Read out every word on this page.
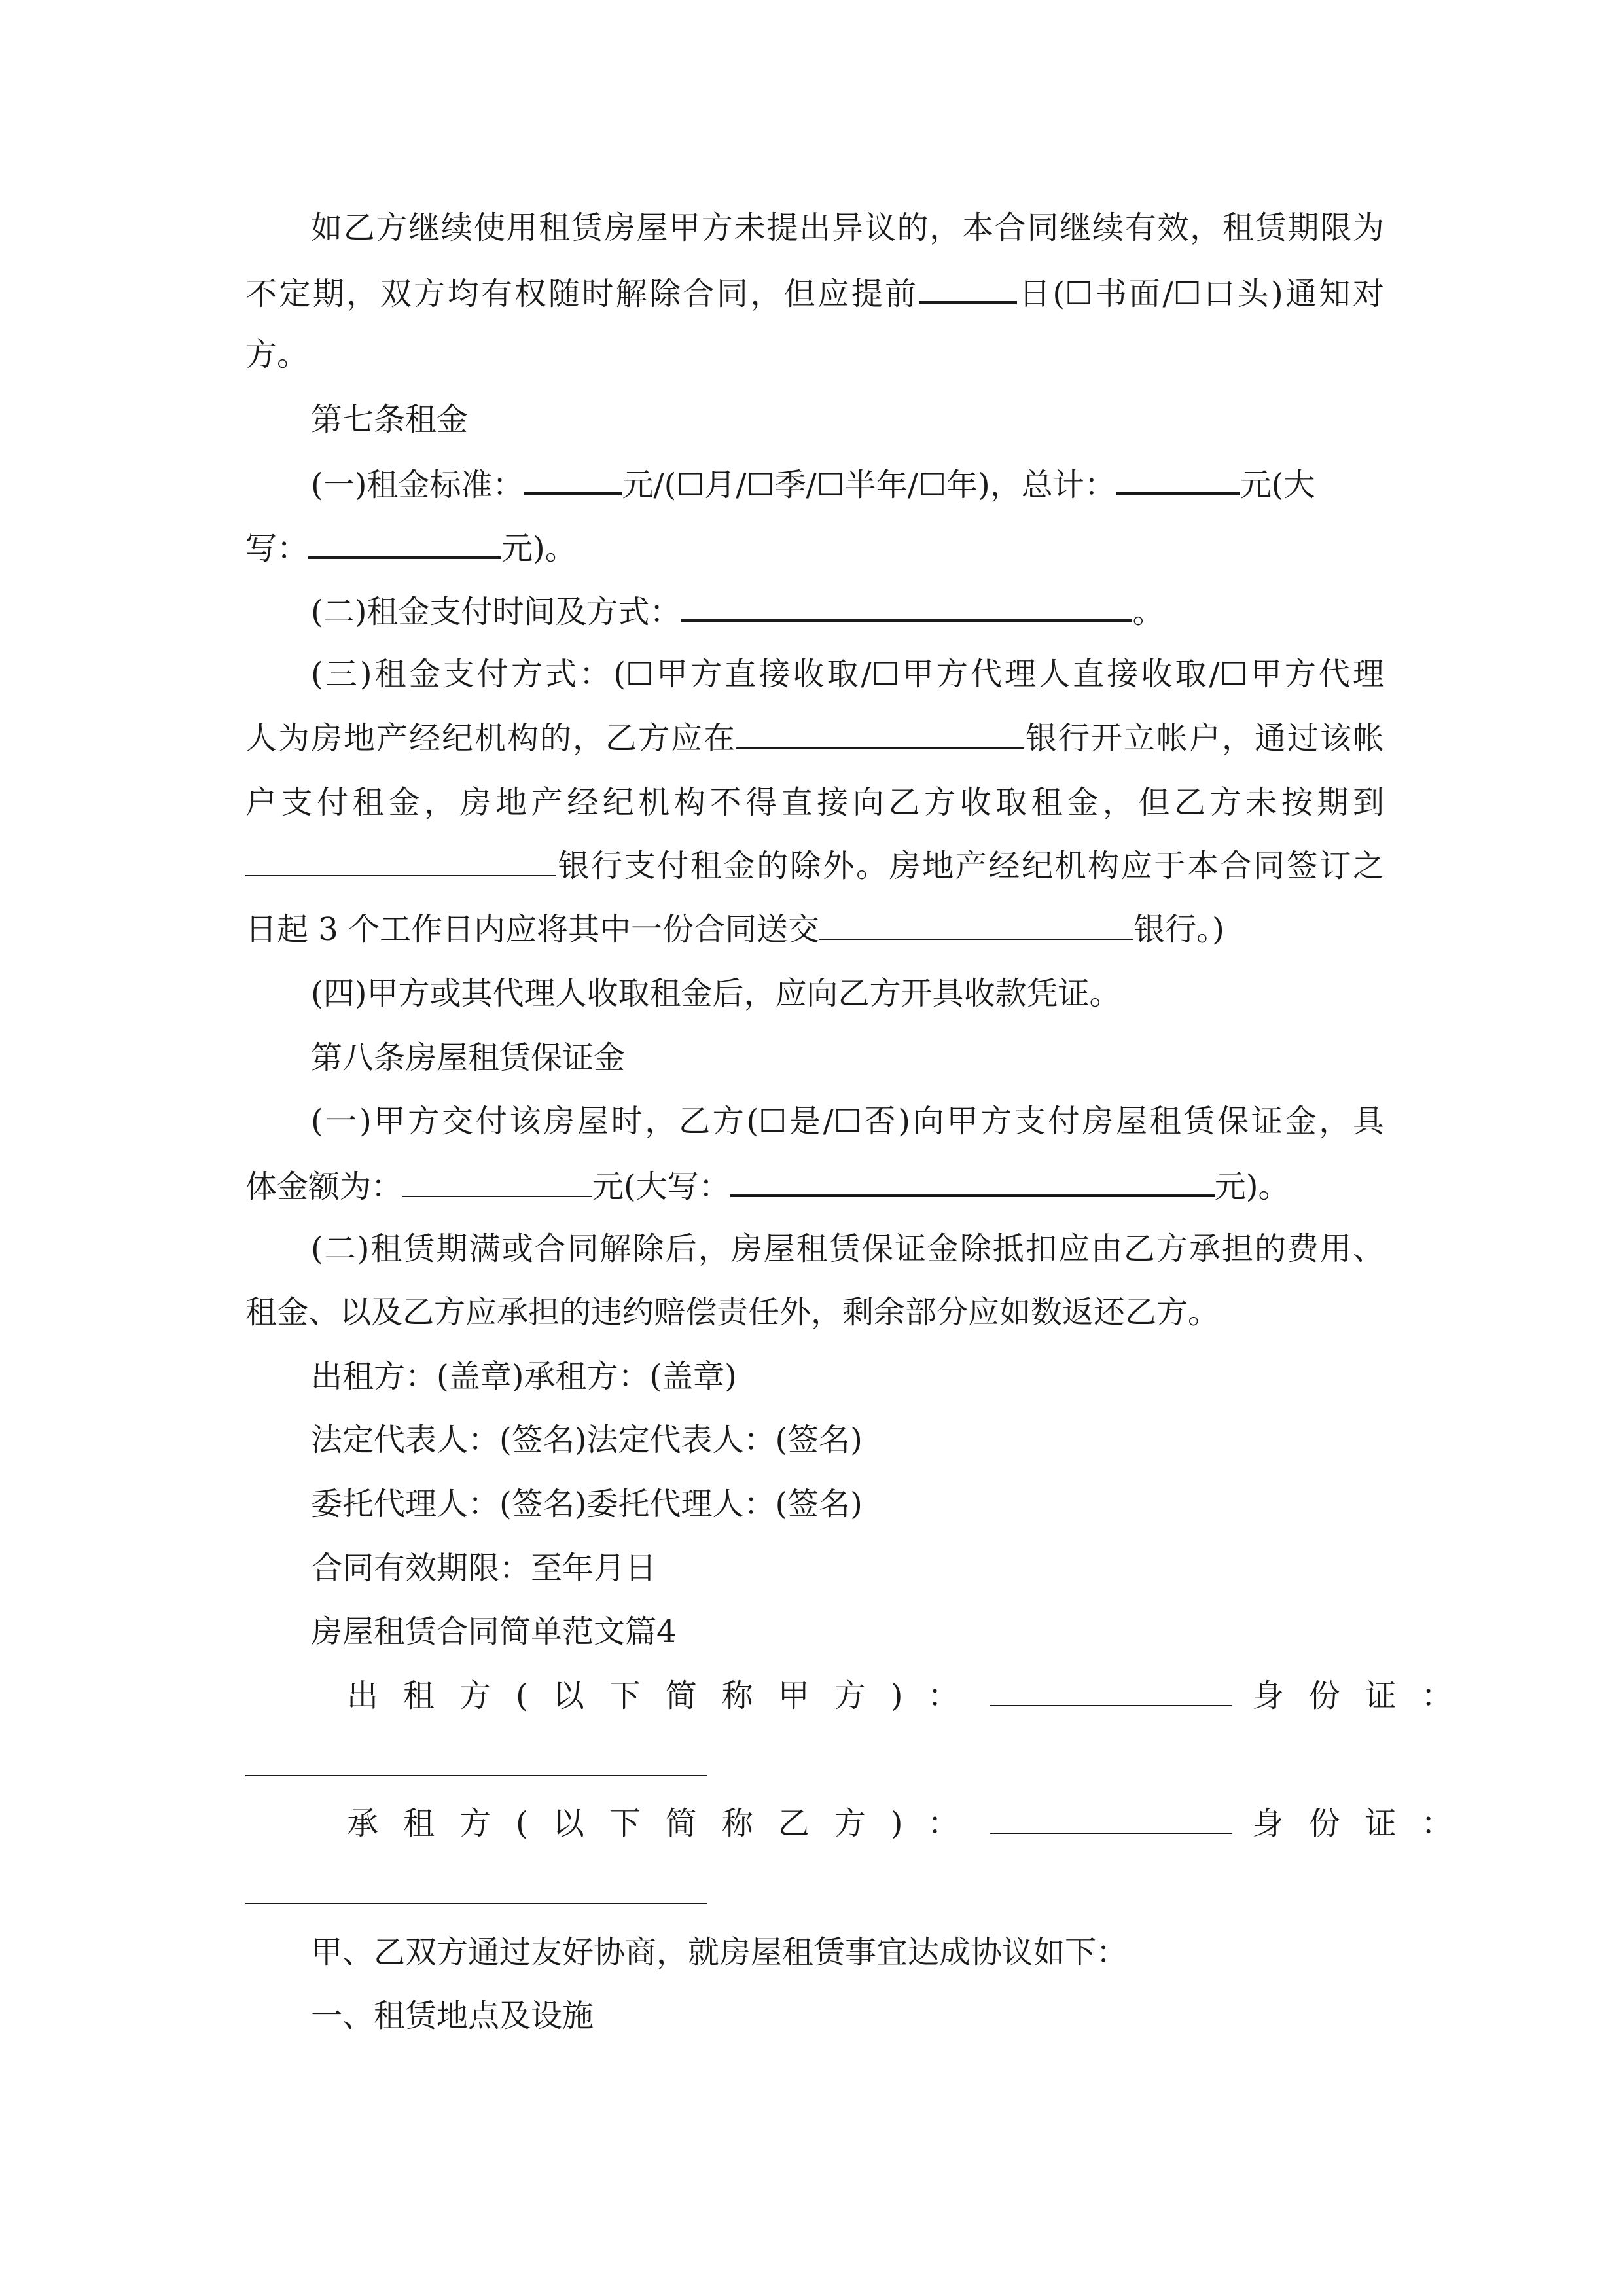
如乙方继续使用租赁房屋甲方未提出异议的，本合同继续有效，租赁期限为
不定期，双方均有权随时解除合同，但应提前	日(☐书面/☐口头)通知对
方。
第七条租金
(一)租金标准：	元/(☐月/☐季/☐半年/☐年)，总计：	元(大
写：	元)。
(二)租金支付时间及方式：	。
(三)租金支付方式：(☐甲方直接收取/☐甲方代理人直接收取/☐甲方代理
人为房地产经纪机构的，乙方应在	银行开立帐户，通过该帐
户支付租金，房地产经纪机构不得直接向乙方收取租金，但乙方未按期到
银行支付租金的除外。房地产经纪机构应于本合同签订之
日起 3 个工作日内应将其中一份合同送交	银行。)
(四)甲方或其代理人收取租金后，应向乙方开具收款凭证。
第八条房屋租赁保证金
(一)甲方交付该房屋时，乙方(☐是/☐否)向甲方支付房屋租赁保证金，具
体金额为：	元(大写：	元)。
(二)租赁期满或合同解除后，房屋租赁保证金除抵扣应由乙方承担的费用、
租金、以及乙方应承担的违约赔偿责任外，剩余部分应如数返还乙方。
出租方：(盖章)承租方：(盖章)
法定代表人：(签名)法定代表人：(签名)
委托代理人：(签名)委托代理人：(签名)
合同有效期限：至年月日
房屋租赁合同简单范文篇4
出租方(以下简称甲方)：	身份证：
承租方(以下简称乙方)：	身份证：
甲、乙双方通过友好协商，就房屋租赁事宜达成协议如下：
一、租赁地点及设施
